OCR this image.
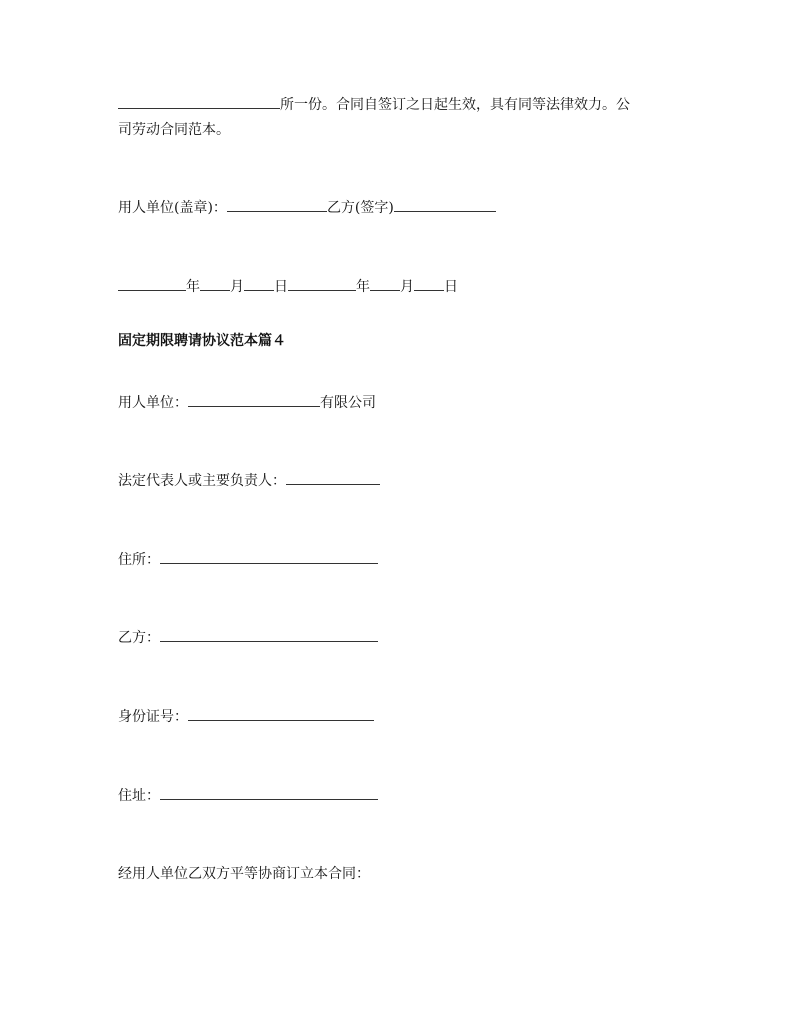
所一份。合同自签订之日起生效，具有同等法律效力。公
司劳动合同范本。
用人单位(盖章)：	乙方(签字)
年 月 日	年 月 日
固定期限聘请协议范本篇４
用人单位：	有限公司
法定代表人或主要负责人：
住所：
乙方：
身份证号：
住址：
经用人单位乙双方平等协商订立本合同：
